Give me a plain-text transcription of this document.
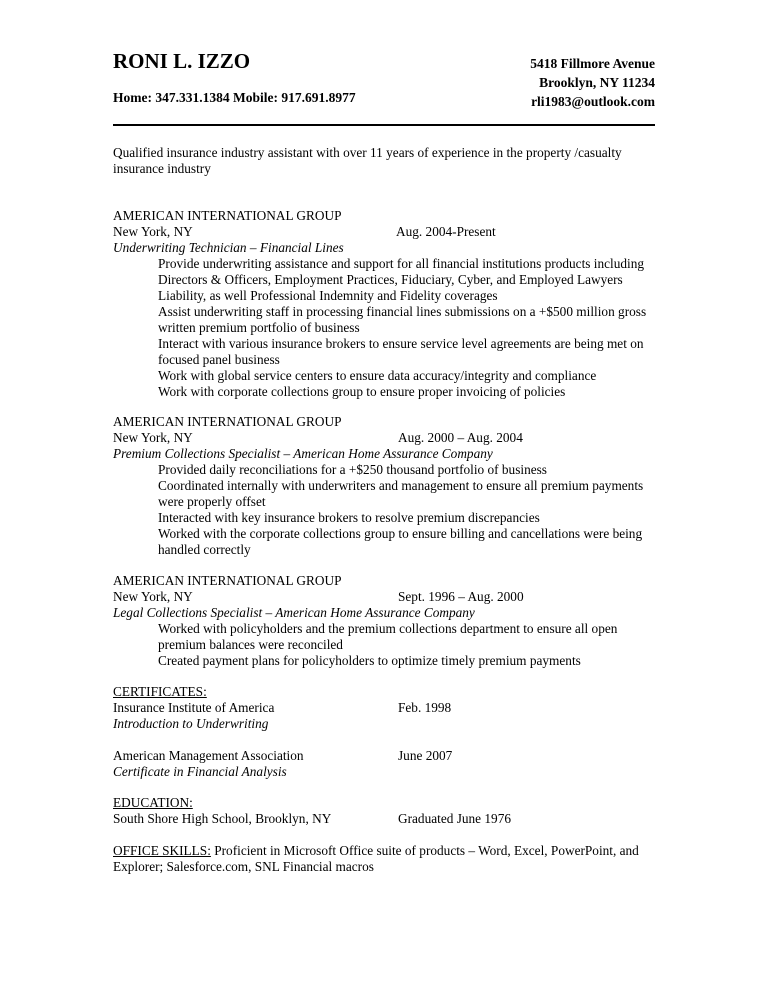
RONI L. IZZO
Home: 347.331.1384 Mobile: 917.691.8977
5418 Fillmore Avenue
Brooklyn, NY 11234
rli1983@outlook.com
Qualified insurance industry assistant with over 11 years of experience in the property /casualty insurance industry
AMERICAN INTERNATIONAL GROUP
New York, NY	Aug. 2004-Present
Underwriting Technician – Financial Lines
Provide underwriting assistance and support for all financial institutions products including Directors & Officers, Employment Practices, Fiduciary, Cyber, and Employed Lawyers Liability, as well Professional Indemnity and Fidelity coverages
Assist underwriting staff in processing financial lines submissions on a +$500 million gross written premium portfolio of business
Interact with various insurance brokers to ensure service level agreements are being met on focused panel business
Work with global service centers to ensure data accuracy/integrity and compliance
Work with corporate collections group to ensure proper invoicing of policies
AMERICAN INTERNATIONAL GROUP
New York, NY	Aug. 2000 – Aug. 2004
Premium Collections Specialist – American Home Assurance Company
Provided daily reconciliations for a +$250 thousand portfolio of business
Coordinated internally with underwriters and management to ensure all premium payments were properly offset
Interacted with key insurance brokers to resolve premium discrepancies
Worked with the corporate collections group to ensure billing and cancellations were being handled correctly
AMERICAN INTERNATIONAL GROUP
New York, NY	Sept. 1996 – Aug. 2000
Legal Collections Specialist – American Home Assurance Company
Worked with policyholders and the premium collections department to ensure all open premium balances were reconciled
Created payment plans for policyholders to optimize timely premium payments
CERTIFICATES:
Insurance Institute of America	Feb. 1998
Introduction to Underwriting
American Management Association	June 2007
Certificate in Financial Analysis
EDUCATION:
South Shore High School, Brooklyn, NY	Graduated June 1976
OFFICE SKILLS: Proficient in Microsoft Office suite of products – Word, Excel, PowerPoint, and Explorer; Salesforce.com, SNL Financial macros
